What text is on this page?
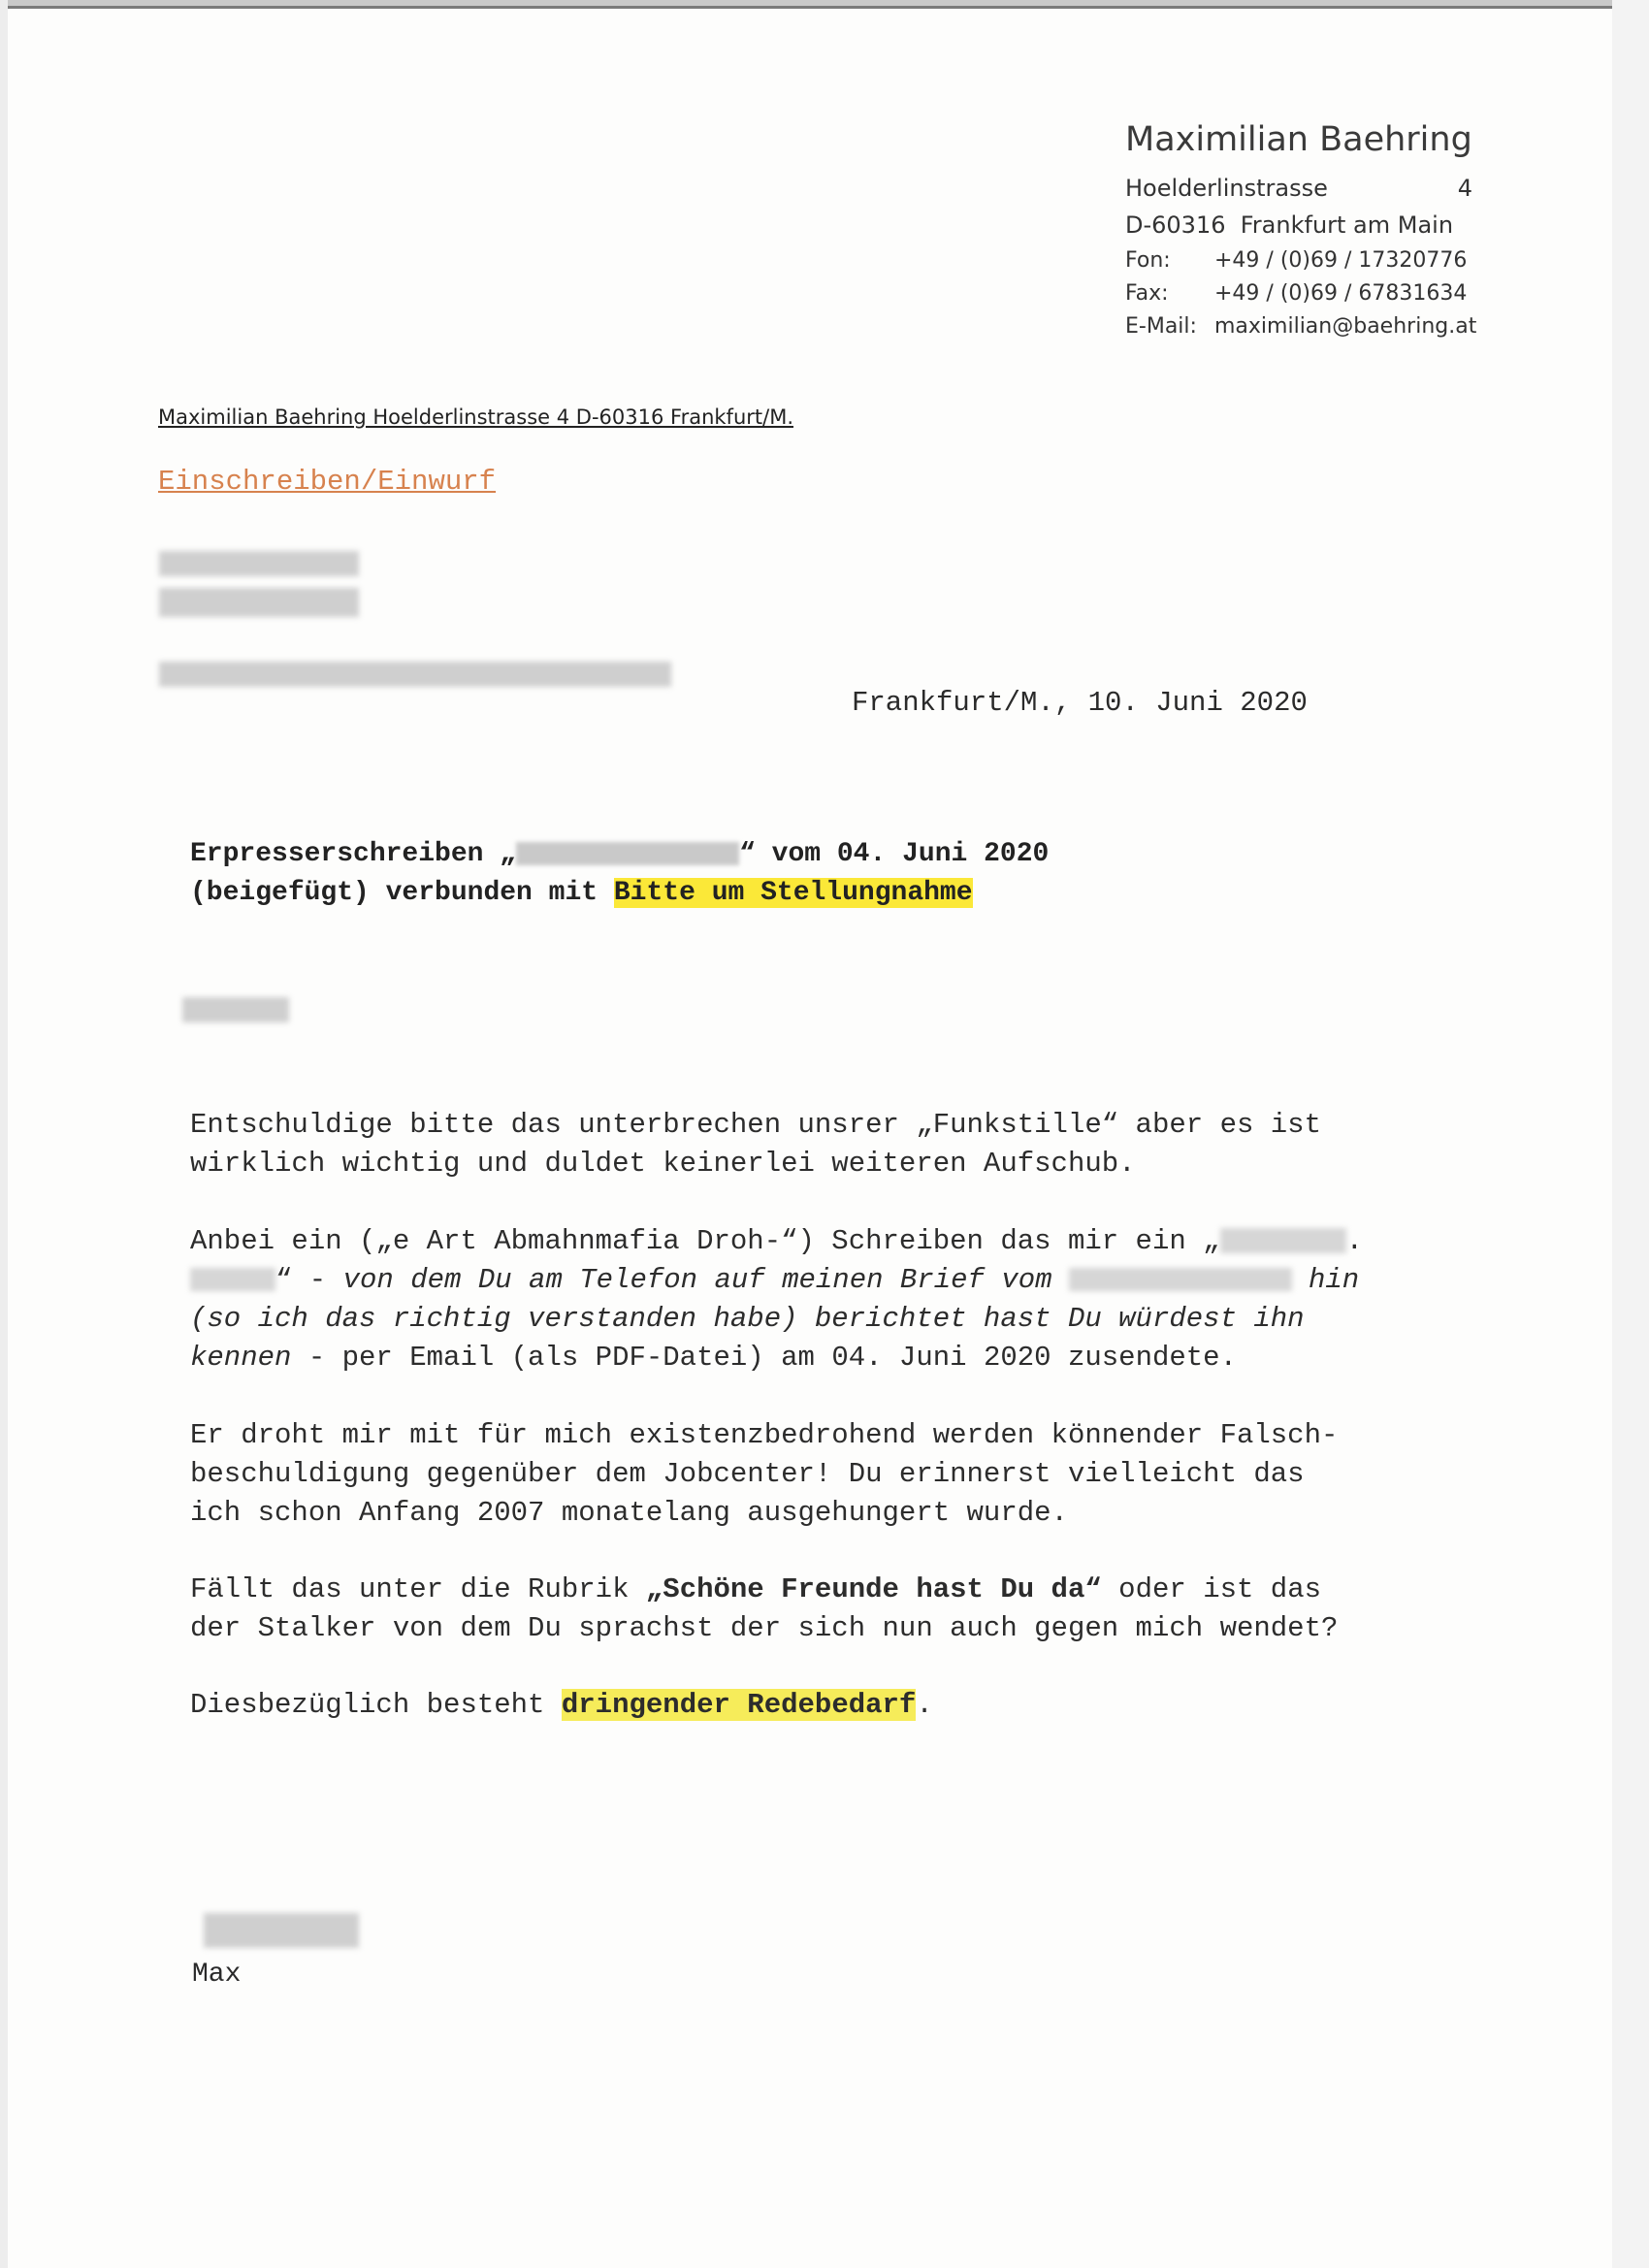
Maximilian Baehring
Hoelderlinstrasse	4
D-60316  Frankfurt am Main
Fon: +49 / (0)69 / 17320776
Fax: +49 / (0)69 / 67831634
E-Mail: maximilian@baehring.at
Maximilian Baehring Hoelderlinstrasse 4 D-60316 Frankfurt/M.
Einschreiben/Einwurf
Frankfurt/M., 10. Juni 2020
Erpresserschreiben „	“ vom 04. Juni 2020
(beigefügt) verbunden mit Bitte um Stellungnahme
Entschuldige bitte das unterbrechen unsrer „Funkstille“ aber es ist
wirklich wichtig und duldet keinerlei weiteren Aufschub.
Anbei ein („e Art Abmahnmafia Droh-“) Schreiben das mir ein „	.
“ - von dem Du am Telefon auf meinen Brief vom	hin
(so ich das richtig verstanden habe) berichtet hast Du würdest ihn
kennen - per Email (als PDF-Datei) am 04. Juni 2020 zusendete.
Er droht mir mit für mich existenzbedrohend werden könnender Falsch-
beschuldigung gegenüber dem Jobcenter! Du erinnerst vielleicht das
ich schon Anfang 2007 monatelang ausgehungert wurde.
Fällt das unter die Rubrik „Schöne Freunde hast Du da“ oder ist das
der Stalker von dem Du sprachst der sich nun auch gegen mich wendet?
Diesbezüglich besteht dringender Redebedarf.
Max
